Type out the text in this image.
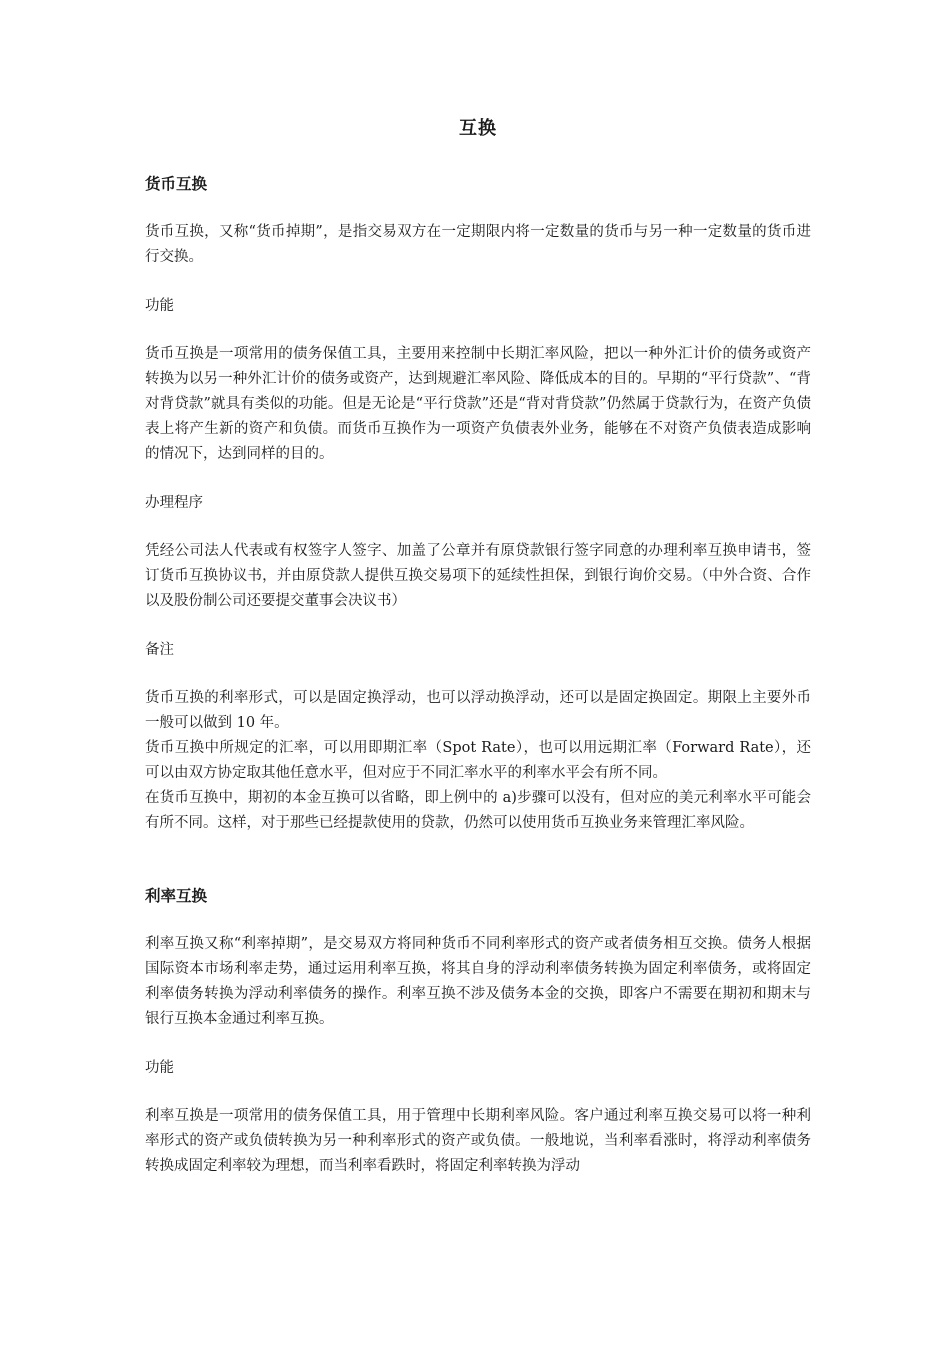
互换
货币互换
货币互换，又称“货币掉期”，是指交易双方在一定期限内将一定数量的货币与另一种一定数量的货币进行交换。
功能
货币互换是一项常用的债务保值工具，主要用来控制中长期汇率风险，把以一种外汇计价的债务或资产转换为以另一种外汇计价的债务或资产，达到规避汇率风险、降低成本的目的。早期的“平行贷款”、“背对背贷款”就具有类似的功能。但是无论是“平行贷款”还是“背对背贷款”仍然属于贷款行为，在资产负债表上将产生新的资产和负债。而货币互换作为一项资产负债表外业务，能够在不对资产负债表造成影响的情况下，达到同样的目的。
办理程序
凭经公司法人代表或有权签字人签字、加盖了公章并有原贷款银行签字同意的办理利率互换申请书，签订货币互换协议书，并由原贷款人提供互换交易项下的延续性担保，到银行询价交易。（中外合资、合作以及股份制公司还要提交董事会决议书）
备注
货币互换的利率形式，可以是固定换浮动，也可以浮动换浮动，还可以是固定换固定。期限上主要外币一般可以做到 10 年。
货币互换中所规定的汇率，可以用即期汇率（Spot Rate），也可以用远期汇率（Forward Rate），还可以由双方协定取其他任意水平，但对应于不同汇率水平的利率水平会有所不同。
在货币互换中，期初的本金互换可以省略，即上例中的 a)步骤可以没有，但对应的美元利率水平可能会有所不同。这样，对于那些已经提款使用的贷款，仍然可以使用货币互换业务来管理汇率风险。
利率互换
利率互换又称“利率掉期”，是交易双方将同种货币不同利率形式的资产或者债务相互交换。债务人根据国际资本市场利率走势，通过运用利率互换，将其自身的浮动利率债务转换为固定利率债务，或将固定利率债务转换为浮动利率债务的操作。利率互换不涉及债务本金的交换，即客户不需要在期初和期末与银行互换本金通过利率互换。
功能
利率互换是一项常用的债务保值工具，用于管理中长期利率风险。客户通过利率互换交易可以将一种利率形式的资产或负债转换为另一种利率形式的资产或负债。一般地说，当利率看涨时，将浮动利率债务转换成固定利率较为理想，而当利率看跌时，将固定利率转换为浮动
